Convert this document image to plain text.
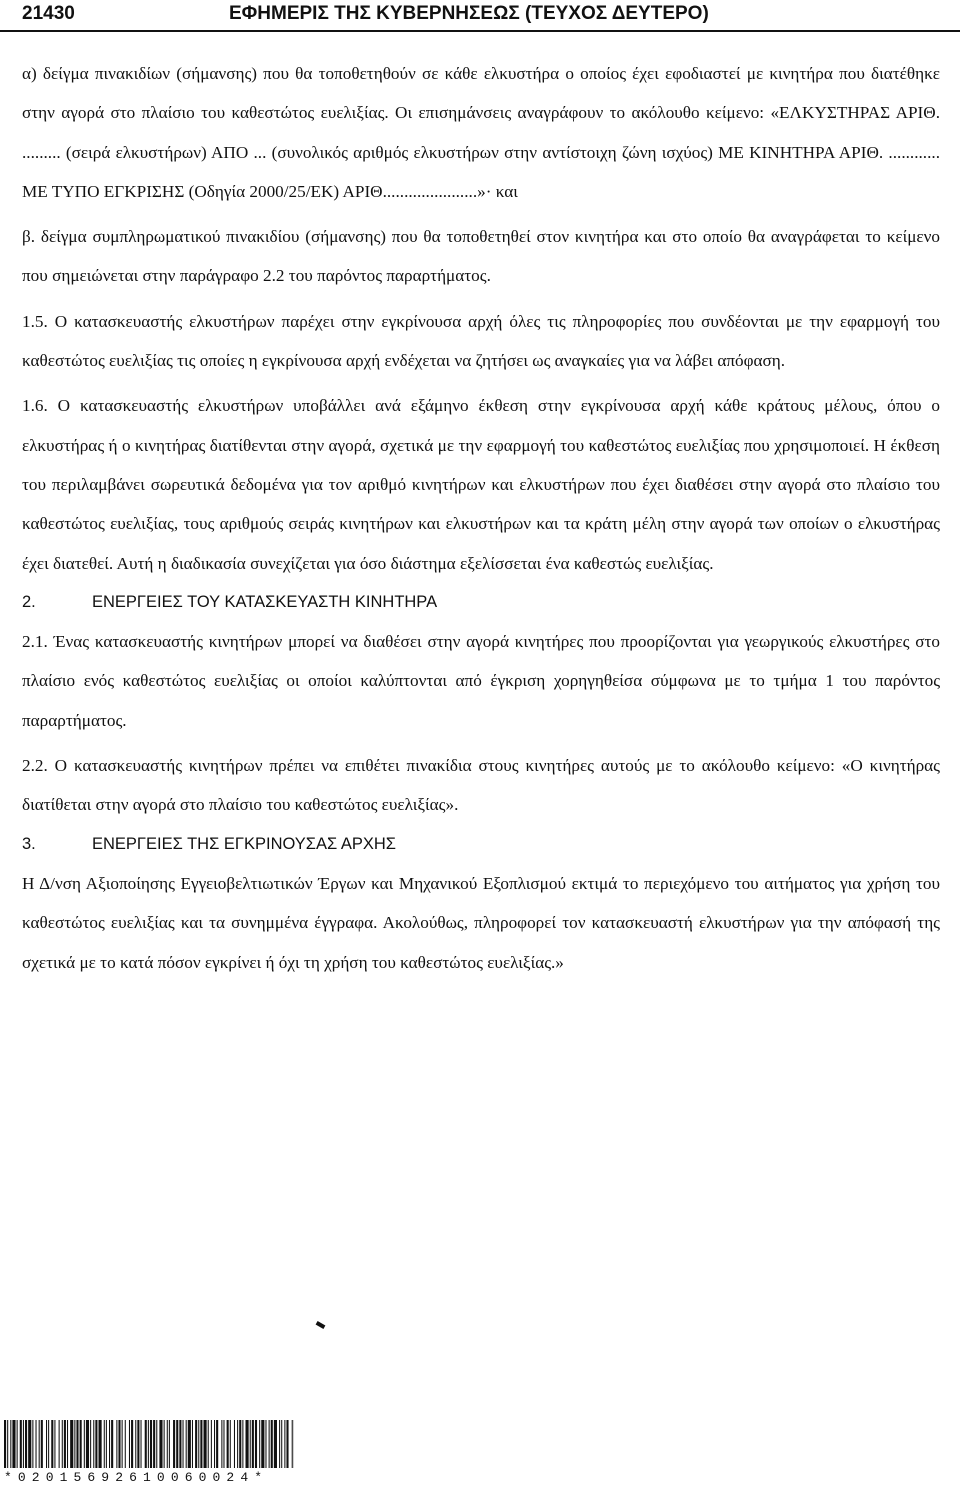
21430	ΕΦΗΜΕΡΙΣ ΤΗΣ ΚΥΒΕΡΝΗΣΕΩΣ (ΤΕΥΧΟΣ ΔΕΥΤΕΡΟ)

α) δείγμα πινακιδίων (σήμανσης) που θα τοποθετηθούν σε κάθε ελκυστήρα ο οποίος έχει εφοδιαστεί με κινητήρα που διατέθηκε στην αγορά στο πλαίσιο του καθεστώτος ευελιξίας. Οι επισημάνσεις αναγράφουν το ακόλουθο κείμενο: «ΕΛΚΥΣΤΗΡΑΣ ΑΡΙΘ. ......... (σειρά ελκυστήρων) ΑΠΟ ... (συνολικός αριθμός ελκυστήρων στην αντίστοιχη ζώνη ισχύος) ΜΕ ΚΙΝΗΤΗΡΑ ΑΡΙΘ. ............ ΜΕ ΤΥΠΟ ΕΓΚΡΙΣΗΣ (Οδηγία 2000/25/ΕΚ) ΑΡΙΘ......................»· και

β. δείγμα συμπληρωματικού πινακιδίου (σήμανσης) που θα τοποθετηθεί στον κινητήρα και στο οποίο θα αναγράφεται το κείμενο που σημειώνεται στην παράγραφο 2.2 του παρόντος παραρτήματος.

1.5. Ο κατασκευαστής ελκυστήρων παρέχει στην εγκρίνουσα αρχή όλες τις πληροφορίες που συνδέονται με την εφαρμογή του καθεστώτος ευελιξίας τις οποίες η εγκρίνουσα αρχή ενδέχεται να ζητήσει ως αναγκαίες για να λάβει απόφαση.

1.6. Ο κατασκευαστής ελκυστήρων υποβάλλει ανά εξάμηνο έκθεση στην εγκρίνουσα αρχή κάθε κράτους μέλους, όπου ο ελκυστήρας ή ο κινητήρας διατίθενται στην αγορά, σχετικά με την εφαρμογή του καθεστώτος ευελιξίας που χρησιμοποιεί. Η έκθεση του περιλαμβάνει σωρευτικά δεδομένα για τον αριθμό κινητήρων και ελκυστήρων που έχει διαθέσει στην αγορά στο πλαίσιο του καθεστώτος ευελιξίας, τους αριθμούς σειράς κινητήρων και ελκυστήρων και τα κράτη μέλη στην αγορά των οποίων ο ελκυστήρας έχει διατεθεί. Αυτή η διαδικασία συνεχίζεται για όσο διάστημα εξελίσσεται ένα καθεστώς ευελιξίας.

2.	ΕΝΕΡΓΕΙΕΣ ΤΟΥ ΚΑΤΑΣΚΕΥΑΣΤΗ ΚΙΝΗΤΗΡΑ

2.1. Ένας κατασκευαστής κινητήρων μπορεί να διαθέσει στην αγορά κινητήρες που προορίζονται για γεωργικούς ελκυστήρες στο πλαίσιο ενός καθεστώτος ευελιξίας οι οποίοι καλύπτονται από έγκριση χορηγηθείσα σύμφωνα με το τμήμα 1 του παρόντος παραρτήματος.

2.2. Ο κατασκευαστής κινητήρων πρέπει να επιθέτει πινακίδια στους κινητήρες αυτούς με το ακόλουθο κείμενο: «Ο κινητήρας διατίθεται στην αγορά στο πλαίσιο του καθεστώτος ευελιξίας».

3.	ΕΝΕΡΓΕΙΕΣ ΤΗΣ ΕΓΚΡΙΝΟΥΣΑΣ ΑΡΧΗΣ

Η Δ/νση Αξιοποίησης Εγγειοβελτιωτικών Έργων και Μηχανικού Εξοπλισμού εκτιμά το περιεχόμενο του αιτήματος για χρήση του καθεστώτος ευελιξίας και τα συνημμένα έγγραφα. Ακολούθως, πληροφορεί τον κατασκευαστή ελκυστήρων για την απόφασή της σχετικά με το κατά πόσον εγκρίνει ή όχι τη χρήση του καθεστώτος ευελιξίας.»

*02015692610060024*
